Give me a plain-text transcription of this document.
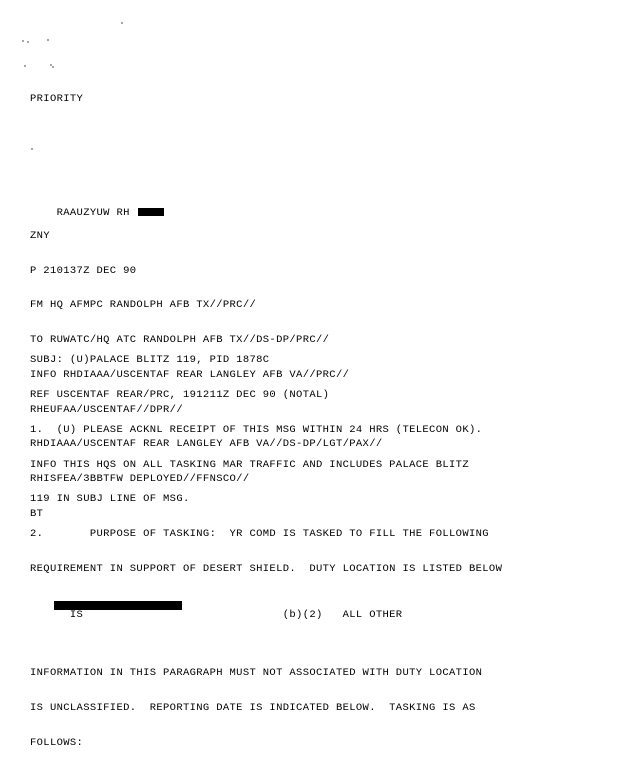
PRIORITY

RAAUZYUW RH

ZNY

P 210137Z DEC 90

FM HQ AFMPC RANDOLPH AFB TX//PRC//

TO RUWATC/HQ ATC RANDOLPH AFB TX//DS-DP/PRC//

INFO RHDIAAA/USCENTAF REAR LANGLEY AFB VA//PRC//

RHEUFAA/USCENTAF//DPR//

RHDIAAA/USCENTAF REAR LANGLEY AFB VA//DS-DP/LGT/PAX//

RHISFEA/3BBTFW DEPLOYED//FFNSCO//

BT

SUBJ: (U)PALACE BLITZ 119, PID 1878C

REF USCENTAF REAR/PRC, 191211Z DEC 90 (NOTAL)

1.  (U) PLEASE ACKNL RECEIPT OF THIS MSG WITHIN 24 HRS (TELECON OK).

INFO THIS HQS ON ALL TASKING MAR TRAFFIC AND INCLUDES PALACE BLITZ

119 IN SUBJ LINE OF MSG.

2.       PURPOSE OF TASKING:  YR COMD IS TASKED TO FILL THE FOLLOWING

REQUIREMENT IN SUPPORT OF DESERT SHIELD.  DUTY LOCATION IS LISTED BELOW

IS                              (b)(2)   ALL OTHER

INFORMATION IN THIS PARAGRAPH MUST NOT ASSOCIATED WITH DUTY LOCATION

IS UNCLASSIFIED.  REPORTING DATE IS INDICATED BELOW.  TASKING IS AS

FOLLOWS:
